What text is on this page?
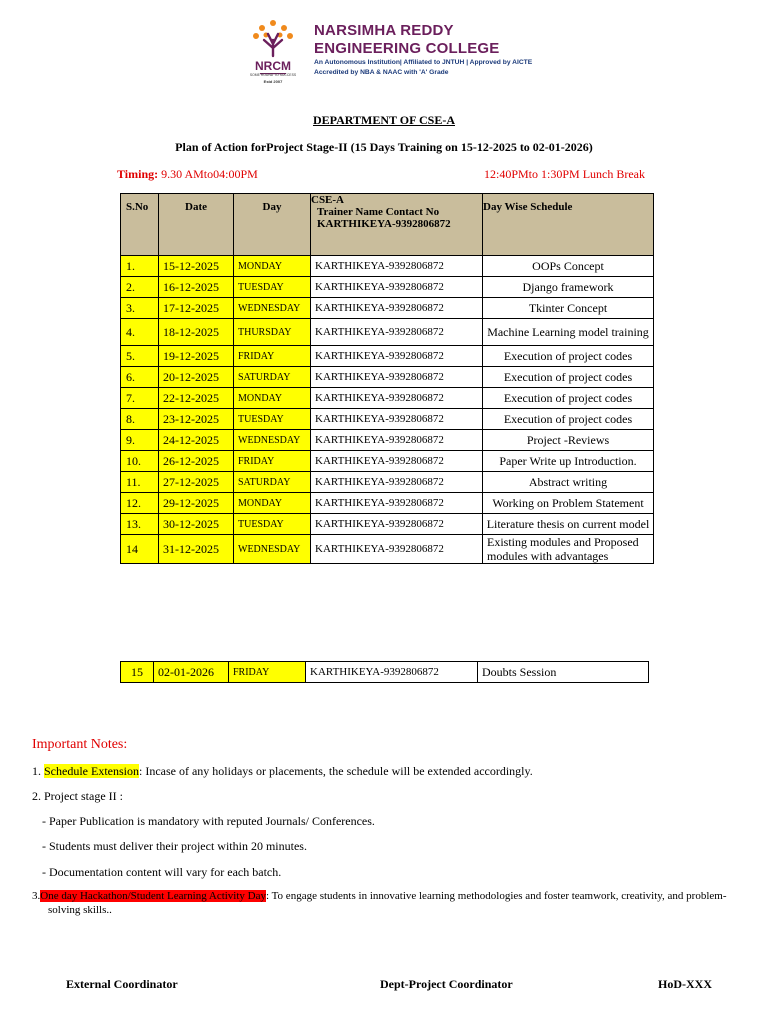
NRCM
SOME ROUND TO SUCCESS
Estd 2007
NARSIMHA REDDY
ENGINEERING COLLEGE
An Autonomous Institution| Affiliated to JNTUH | Approved by AICTE
Accredited by NBA & NAAC with 'A' Grade
DEPARTMENT OF CSE-A
Plan of Action forProject Stage-II (15 Days Training on 15-12-2025 to 02-01-2026)
Timing: 9.30 AMto04:00PM	12:40PMto 1:30PM Lunch Break
S.No	Date	Day	CSE-A
Trainer Name Contact No
KARTHIKEYA-9392806872	Day Wise Schedule
1.	15-12-2025	MONDAY	KARTHIKEYA-9392806872	OOPs Concept
2.	16-12-2025	TUESDAY	KARTHIKEYA-9392806872	Django framework
3.	17-12-2025	WEDNESDAY	KARTHIKEYA-9392806872	Tkinter Concept
4.	18-12-2025	THURSDAY	KARTHIKEYA-9392806872	Machine Learning model training
5.	19-12-2025	FRIDAY	KARTHIKEYA-9392806872	Execution of project codes
6.	20-12-2025	SATURDAY	KARTHIKEYA-9392806872	Execution of project codes
7.	22-12-2025	MONDAY	KARTHIKEYA-9392806872	Execution of project codes
8.	23-12-2025	TUESDAY	KARTHIKEYA-9392806872	Execution of project codes
9.	24-12-2025	WEDNESDAY	KARTHIKEYA-9392806872	Project -Reviews
10.	26-12-2025	FRIDAY	KARTHIKEYA-9392806872	Paper Write up Introduction.
11.	27-12-2025	SATURDAY	KARTHIKEYA-9392806872	Abstract writing
12.	29-12-2025	MONDAY	KARTHIKEYA-9392806872	Working on Problem Statement
13.	30-12-2025	TUESDAY	KARTHIKEYA-9392806872	Literature thesis on current model
14	31-12-2025	WEDNESDAY	KARTHIKEYA-9392806872	Existing modules and Proposed modules with advantages
15	02-01-2026	FRIDAY	KARTHIKEYA-9392806872	Doubts Session
Important Notes:
1. Schedule Extension: Incase of any holidays or placements, the schedule will be extended accordingly.
2. Project stage II :
- Paper Publication is mandatory with reputed Journals/ Conferences.
- Students must deliver their project within 20 minutes.
- Documentation content will vary for each batch.
3.One day Hackathon/Student Learning Activity Day: To engage students in innovative learning methodologies and foster teamwork, creativity, and problem-
solving skills..
External Coordinator	Dept-Project Coordinator	HoD-XXX
